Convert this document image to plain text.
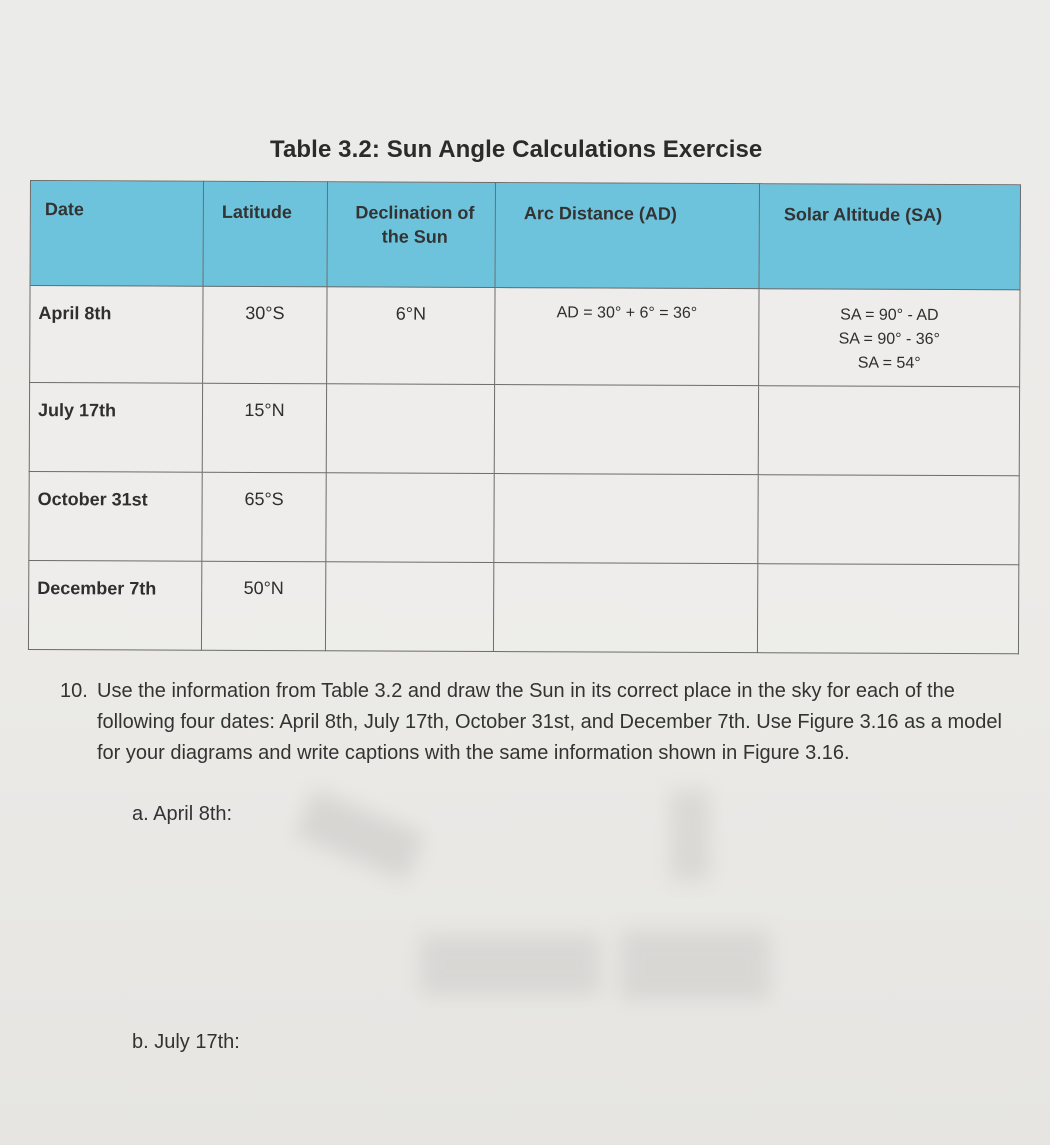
Table 3.2: Sun Angle Calculations Exercise
Date	Latitude	Declination of the Sun	Arc Distance (AD)	Solar Altitude (SA)

April 8th	30°S	6°N	AD = 30° + 6° = 36°	SA = 90° - AD
SA = 90° - 36°
SA = 54°

July 17th	15°N			

October 31st	65°S			

December 7th	50°N			

10. Use the information from Table 3.2 and draw the Sun in its correct place in the sky for each of the following four dates: April 8th, July 17th, October 31st, and December 7th. Use Figure 3.16 as a model for your diagrams and write captions with the same information shown in Figure 3.16.
a. April 8th:
b. July 17th:
